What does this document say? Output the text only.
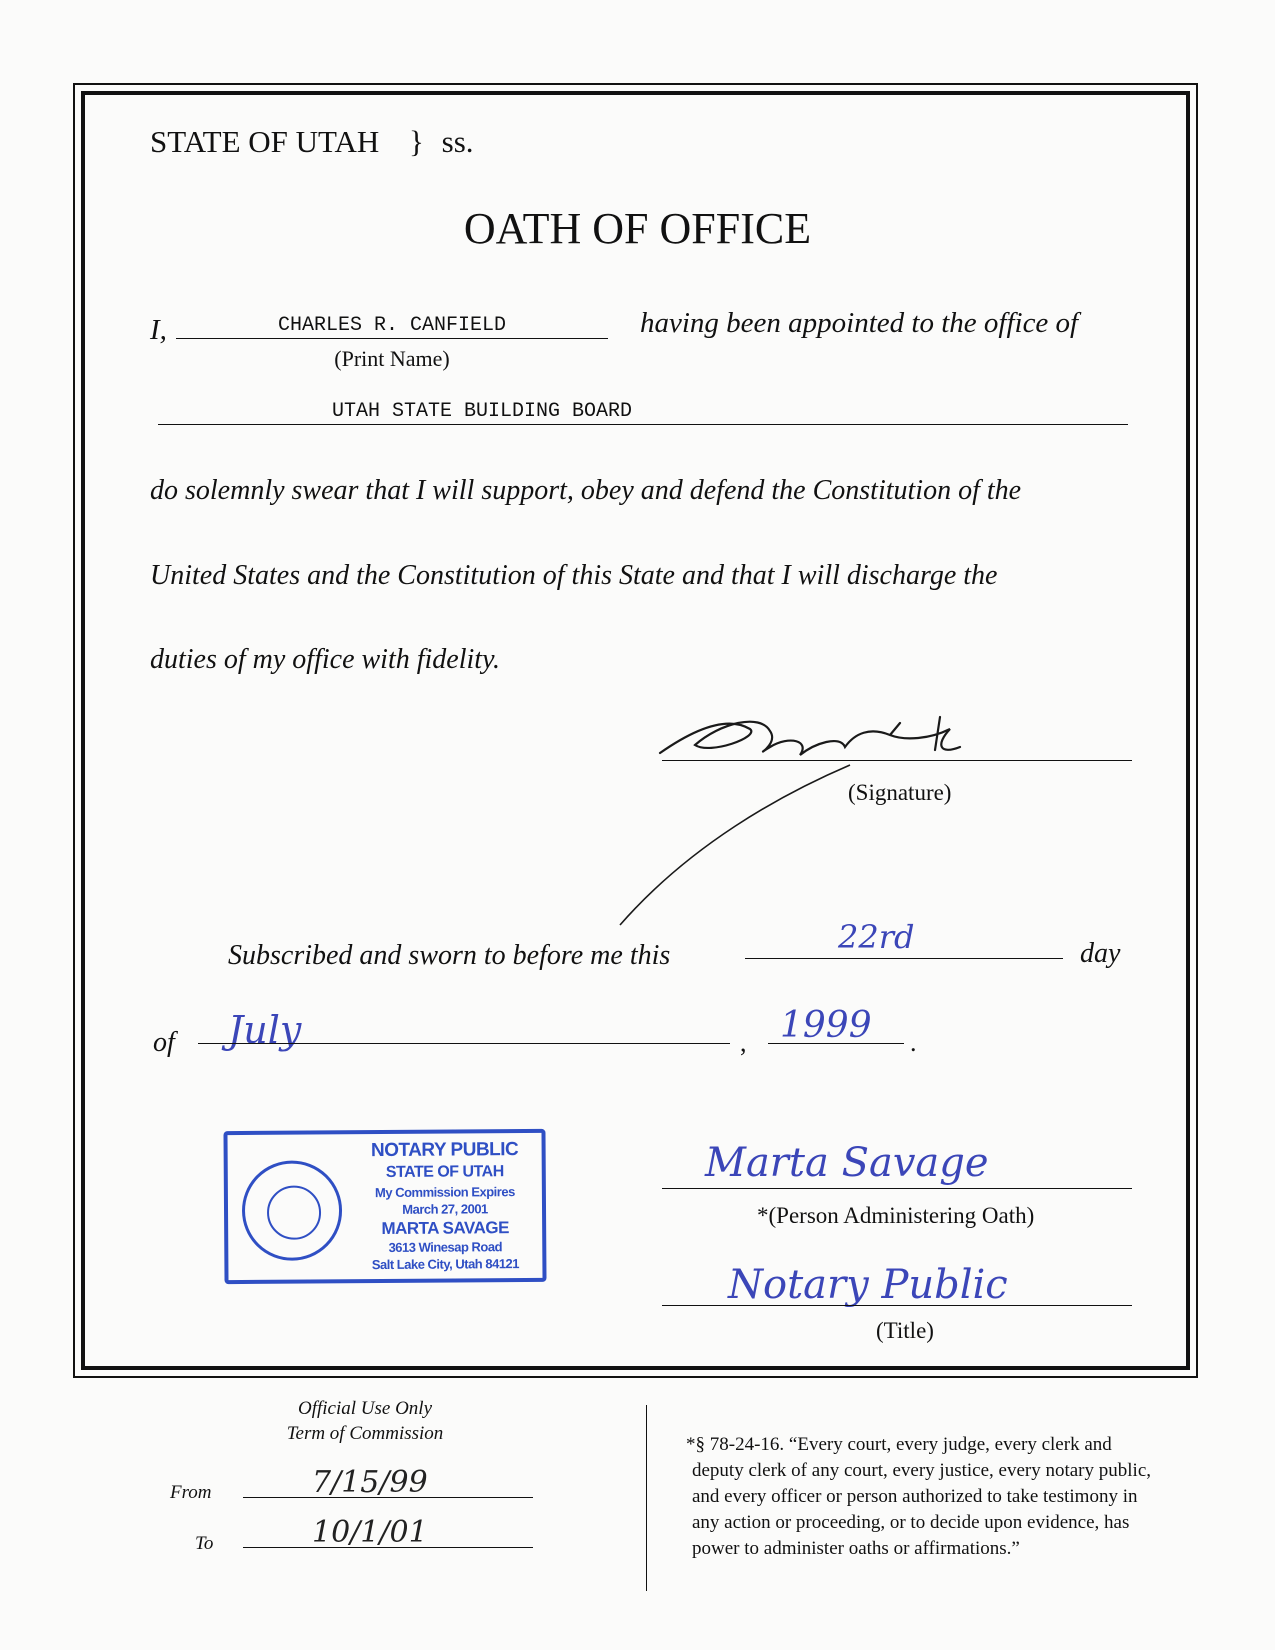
STATE OF UTAH } ss.
OATH OF OFFICE
I,	CHARLES R. CANFIELD
(Print Name)
having been appointed to the office of
UTAH STATE BUILDING BOARD
do solemnly swear that I will support, obey and defend the Constitution of the
United States and the Constitution of this State and that I will discharge the
duties of my office with fidelity.
(Signature)
Subscribed and sworn to before me this	22rd	day
of July	, 1999 .
NOTARY PUBLIC
STATE OF UTAH
My Commission Expires
March 27, 2001
MARTA SAVAGE
3613 Winesap Road
Salt Lake City, Utah 84121
Marta Savage
*(Person Administering Oath)
Notary Public
(Title)
Official Use Only
Term of Commission
From	7/15/99
To	10/1/01
*§ 78-24-16. “Every court, every judge, every clerk and
deputy clerk of any court, every justice, every notary public,
and every officer or person authorized to take testimony in
any action or proceeding, or to decide upon evidence, has
power to administer oaths or affirmations.”
